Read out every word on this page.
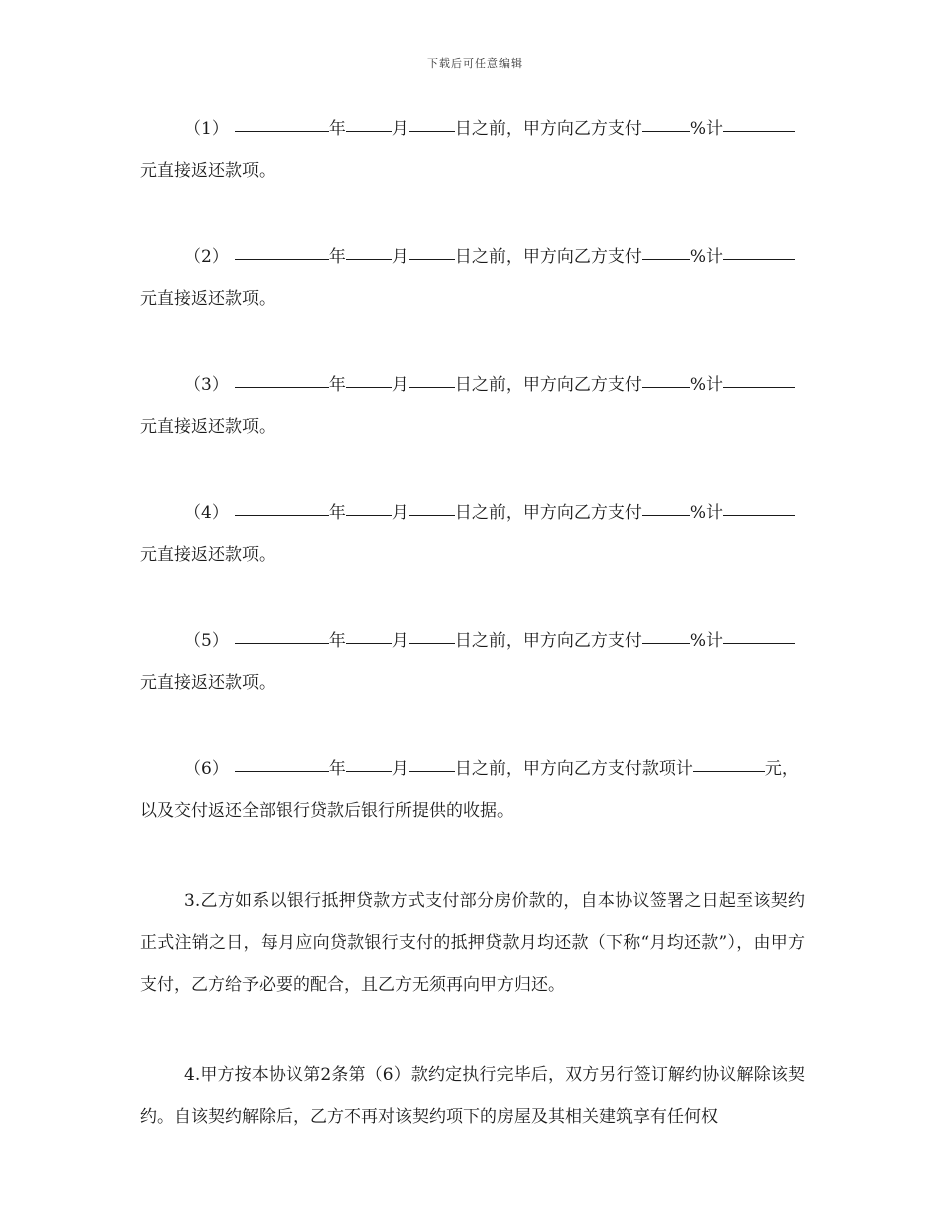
下载后可任意编辑

（1）	年	月	日之前，甲方向乙方支付	%计
元直接返还款项。

（2）	年	月	日之前，甲方向乙方支付	%计
元直接返还款项。

（3）	年	月	日之前，甲方向乙方支付	%计
元直接返还款项。

（4）	年	月	日之前，甲方向乙方支付	%计
元直接返还款项。

（5）	年	月	日之前，甲方向乙方支付	%计
元直接返还款项。

（6）	年	月	日之前，甲方向乙方支付款项计	元，
以及交付返还全部银行贷款后银行所提供的收据。

3.乙方如系以银行抵押贷款方式支付部分房价款的，自本协议签署之日起至该契约正式注销之日，每月应向贷款银行支付的抵押贷款月均还款（下称“月均还款”），由甲方支付，乙方给予必要的配合，且乙方无须再向甲方归还。

4.甲方按本协议第2条第（6）款约定执行完毕后，双方另行签订解约协议解除该契约。自该契约解除后，乙方不再对该契约项下的房屋及其相关建筑享有任何权
